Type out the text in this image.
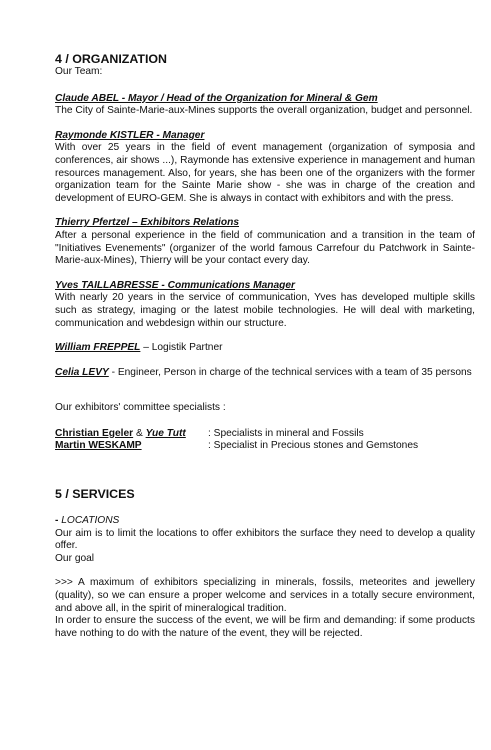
4 / ORGANIZATION

Our Team:

Claude ABEL - Mayor / Head of the Organization for Mineral & Gem

The City of Sainte-Marie-aux-Mines supports the overall organization, budget and personnel.

Raymonde KISTLER - Manager

With over 25 years in the field of event management (organization of symposia and conferences, air shows ...), Raymonde has extensive experience in management and human resources management. Also, for years, she has been one of the organizers with the former organization team for the Sainte Marie show - she was in charge of the creation and development of EURO-GEM. She is always in contact with exhibitors and with the press.

Thierry Pfertzel – Exhibitors Relations

After a personal experience in the field of communication and a transition in the team of "Initiatives Evenements" (organizer of the world famous Carrefour du Patchwork in Sainte-Marie-aux-Mines), Thierry will be your contact every day.

Yves TAILLABRESSE - Communications Manager

With nearly 20 years in the service of communication, Yves has developed multiple skills such as strategy, imaging or the latest mobile technologies. He will deal with marketing, communication and webdesign within our structure.

William FREPPEL – Logistik Partner

Celia LEVY - Engineer, Person in charge of the technical services with a team of 35 persons

Our exhibitors' committee specialists :

Christian Egeler & Yue Tutt	: Specialists in mineral and Fossils
Martin WESKAMP	: Specialist in Precious stones and Gemstones

5 / SERVICES

- LOCATIONS

Our aim is to limit the locations to offer exhibitors the surface they need to develop a quality offer.

Our goal

>>> A maximum of exhibitors specializing in minerals, fossils, meteorites and jewellery (quality), so we can ensure a proper welcome and services in a totally secure environment, and above all, in the spirit of mineralogical tradition.

In order to ensure the success of the event, we will be firm and demanding: if some products have nothing to do with the nature of the event, they will be rejected.
